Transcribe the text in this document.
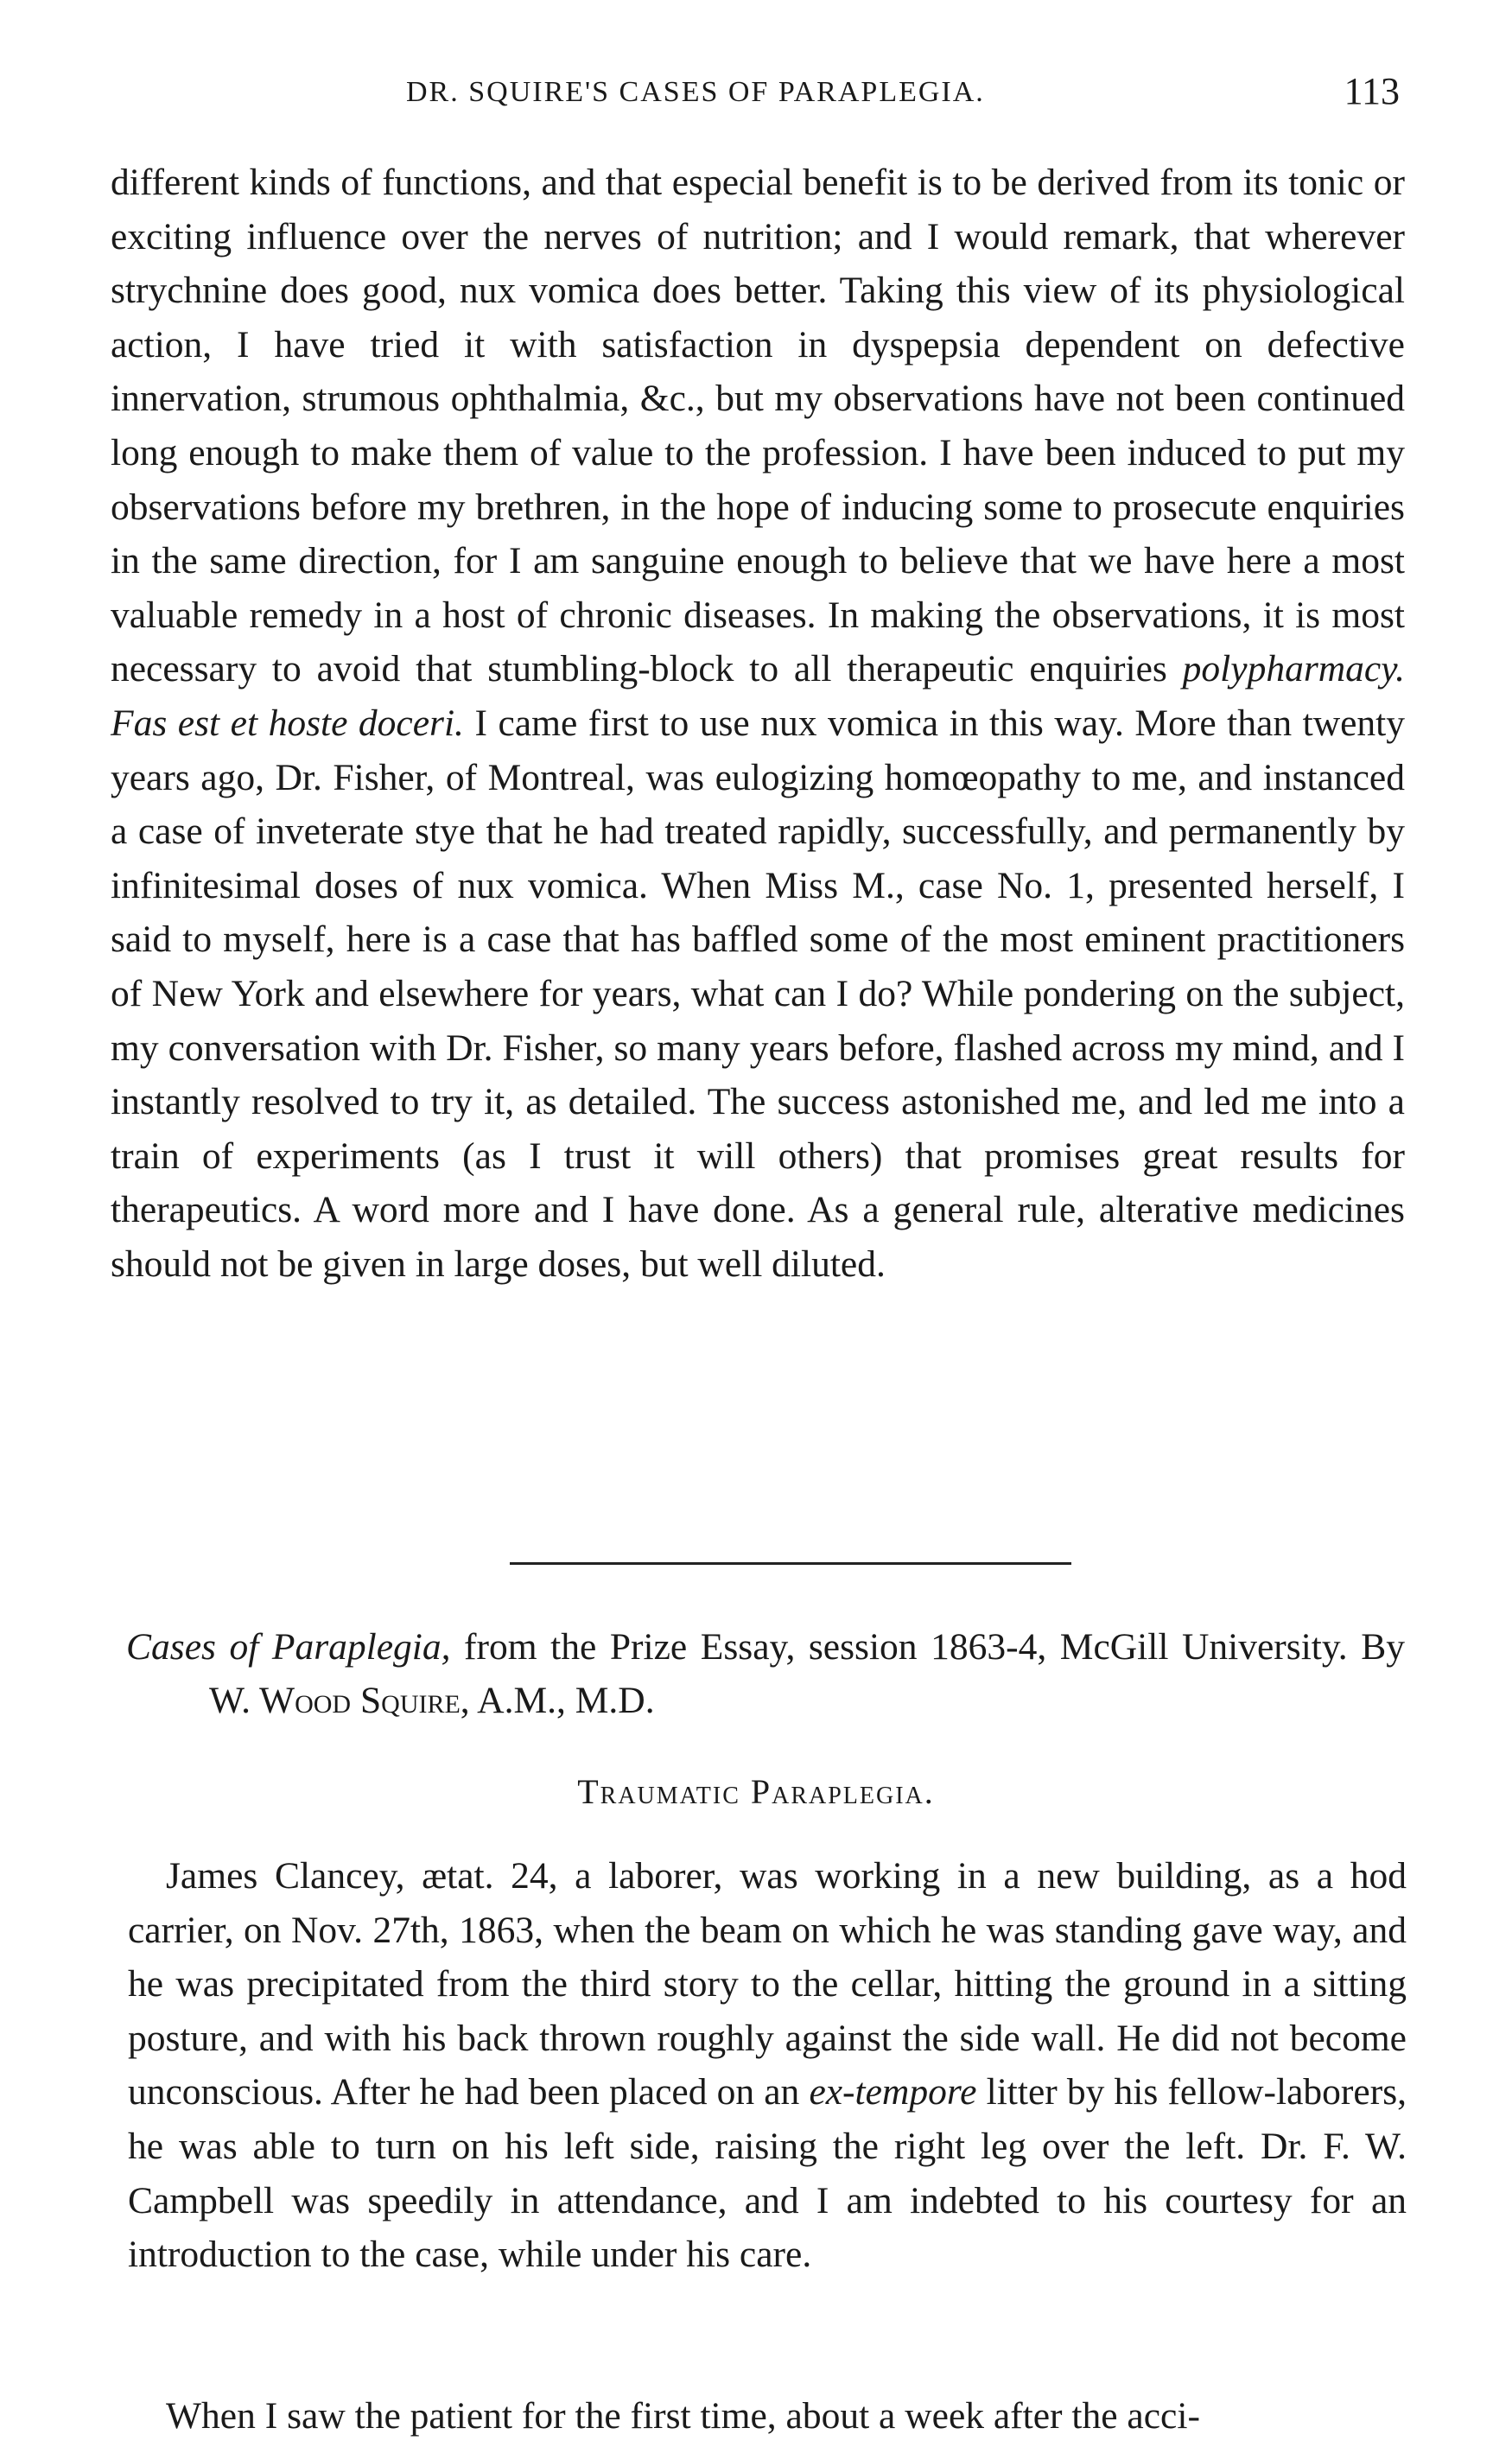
DR. SQUIRE'S CASES OF PARAPLEGIA.	113

different kinds of functions, and that especial benefit is to be derived from its tonic or exciting influence over the nerves of nutrition; and I would remark, that wherever strychnine does good, nux vomica does better. Taking this view of its physiological action, I have tried it with satisfaction in dyspepsia dependent on defective innervation, strumous ophthalmia, &c., but my observations have not been continued long enough to make them of value to the profession. I have been induced to put my observations before my brethren, in the hope of inducing some to prosecute enquiries in the same direction, for I am sanguine enough to believe that we have here a most valuable remedy in a host of chronic diseases. In making the observations, it is most necessary to avoid that stumbling-block to all therapeutic enquiries polypharmacy. Fas est et hoste doceri. I came first to use nux vomica in this way. More than twenty years ago, Dr. Fisher, of Montreal, was eulogizing homœopathy to me, and instanced a case of inveterate stye that he had treated rapidly, successfully, and permanently by infinitesimal doses of nux vomica. When Miss M., case No. 1, presented herself, I said to myself, here is a case that has baffled some of the most eminent practitioners of New York and elsewhere for years, what can I do? While pondering on the subject, my conversation with Dr. Fisher, so many years before, flashed across my mind, and I instantly resolved to try it, as detailed. The success astonished me, and led me into a train of experiments (as I trust it will others) that promises great results for therapeutics. A word more and I have done. As a general rule, alterative medicines should not be given in large doses, but well diluted.

Cases of Paraplegia, from the Prize Essay, session 1863-4, McGill University. By W. Wood Squire, A.M., M.D.

Traumatic Paraplegia.

James Clancey, ætat. 24, a laborer, was working in a new building, as a hod carrier, on Nov. 27th, 1863, when the beam on which he was standing gave way, and he was precipitated from the third story to the cellar, hitting the ground in a sitting posture, and with his back thrown roughly against the side wall. He did not become unconscious. After he had been placed on an ex-tempore litter by his fellow-laborers, he was able to turn on his left side, raising the right leg over the left. Dr. F. W. Campbell was speedily in attendance, and I am indebted to his courtesy for an introduction to the case, while under his care.

When I saw the patient for the first time, about a week after the acci-
